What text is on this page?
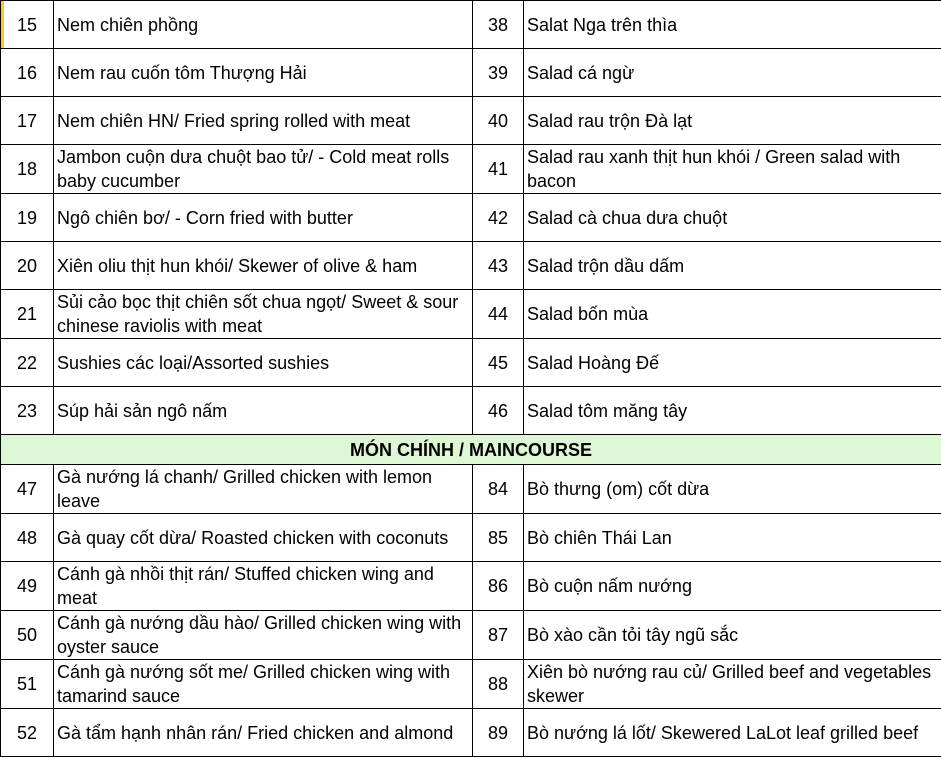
15	Nem chiên phồng	38	Salat Nga trên thìa
16	Nem rau cuốn tôm Thượng Hải	39	Salad cá ngừ
17	Nem chiên HN/ Fried spring rolled with meat	40	Salad rau trộn Đà lạt
18	Jambon cuộn dưa chuột bao tử/ - Cold meat rolls baby cucumber	41	Salad rau xanh thịt hun khói / Green salad with bacon
19	Ngô chiên bơ/ - Corn fried with butter	42	Salad cà chua dưa chuột
20	Xiên oliu thịt hun khói/ Skewer of olive & ham	43	Salad trộn dầu dấm
21	Sủi cảo bọc thịt chiên sốt chua ngọt/ Sweet & sour chinese raviolis with meat	44	Salad bốn mùa
22	Sushies các loại/Assorted sushies	45	Salad Hoàng Đế
23	Súp hải sản ngô nấm	46	Salad tôm măng tây
MÓN CHÍNH / MAINCOURSE			
47	Gà nướng lá chanh/ Grilled chicken with lemon leave	84	Bò thưng (om) cốt dừa
48	Gà quay cốt dừa/ Roasted chicken with coconuts	85	Bò chiên Thái Lan
49	Cánh gà nhồi thịt rán/ Stuffed chicken wing and meat	86	Bò cuộn nấm nướng
50	Cánh gà nướng dầu hào/ Grilled chicken wing with oyster sauce	87	Bò xào cần tỏi tây ngũ sắc
51	Cánh gà nướng sốt me/ Grilled chicken wing with tamarind sauce	88	Xiên bò nướng rau củ/ Grilled beef and vegetables skewer
52	Gà tẩm hạnh nhân rán/ Fried chicken and almond	89	Bò nướng lá lốt/ Skewered LaLot leaf grilled beef
